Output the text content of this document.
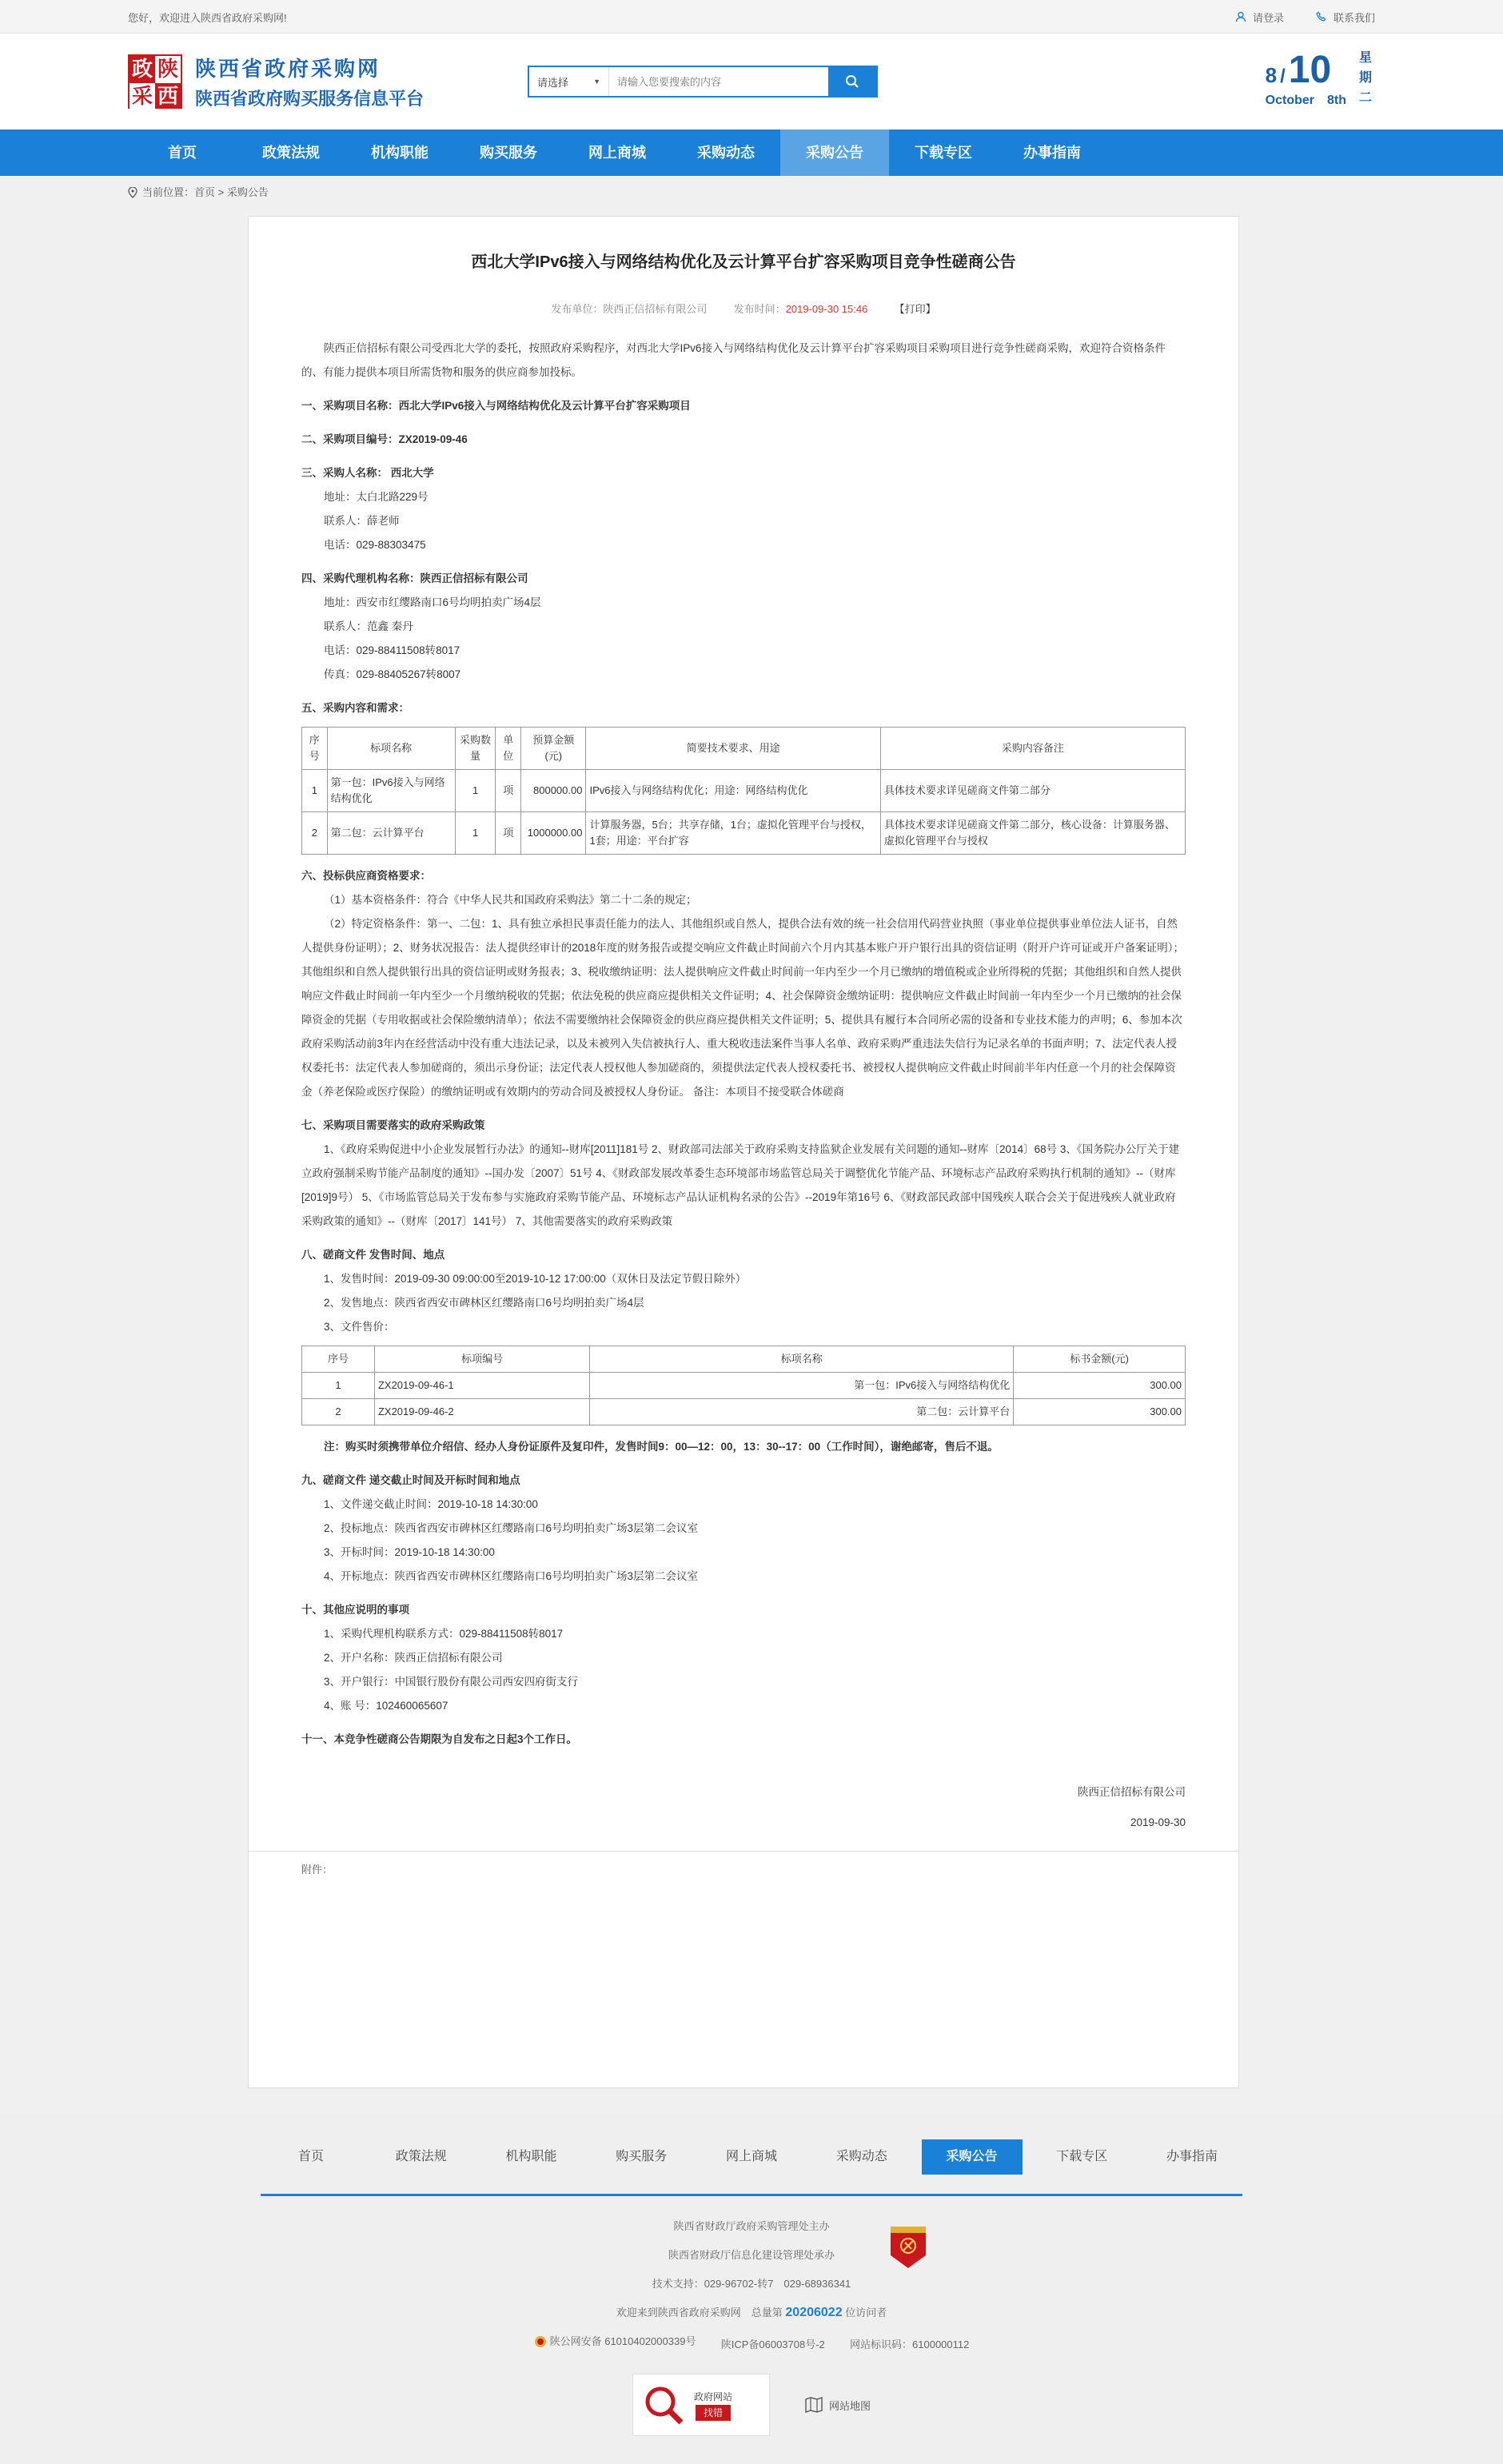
您好，欢迎进入陕西省政府采购网!	请登录	联系我们
政 陕
采 西
陕西省政府采购网
陕西省政府购买服务信息平台
请选择	▼
请输入您要搜索的内容	8 / 10
October 8th
星期二
首页	政策法规	机构职能	购买服务	网上商城	采购动态	采购公告	下载专区	办事指南
当前位置：首页 > 采购公告
西北大学IPv6接入与网络结构优化及云计算平台扩容采购项目竞争性磋商公告
发布单位：陕西正信招标有限公司	发布时间：2019-09-30 15:46	【打印】

陕西正信招标有限公司受西北大学的委托，按照政府采购程序，对西北大学IPv6接入与网络结构优化及云计算平台扩容采购项目采购项目进行竞争性磋商采购，欢迎符合资格条件的、有能力提供本项目所需货物和服务的供应商参加投标。

一、采购项目名称：西北大学IPv6接入与网络结构优化及云计算平台扩容采购项目

二、采购项目编号：ZX2019-09-46

三、采购人名称： 西北大学

地址：太白北路229号

联系人：薛老师

电话：029-88303475

四、采购代理机构名称：陕西正信招标有限公司

地址：西安市红缨路南口6号均明拍卖广场4层

联系人：范鑫 秦丹

电话：029-88411508转8017

传真：029-88405267转8007

五、采购内容和需求：

序号	标项名称	采购数量	单位	预算金额(元)	简要技术要求、用途	采购内容备注
1	第一包：IPv6接入与网络结构优化	1	项	800000.00	IPv6接入与网络结构优化；用途：网络结构优化	具体技术要求详见磋商文件第二部分
2	第二包：云计算平台	1	项	1000000.00	计算服务器，5台；共享存储，1台；虚拟化管理平台与授权，1套；用途：平台扩容	具体技术要求详见磋商文件第二部分，核心设备：计算服务器、虚拟化管理平台与授权

六、投标供应商资格要求：

（1）基本资格条件：符合《中华人民共和国政府采购法》第二十二条的规定；

（2）特定资格条件：第一、二包：1、具有独立承担民事责任能力的法人、其他组织或自然人，提供合法有效的统一社会信用代码营业执照（事业单位提供事业单位法人证书，自然人提供身份证明）；2、财务状况报告：法人提供经审计的2018年度的财务报告或提交响应文件截止时间前六个月内其基本账户开户银行出具的资信证明（附开户许可证或开户备案证明）；其他组织和自然人提供银行出具的资信证明或财务报表；3、税收缴纳证明：法人提供响应文件截止时间前一年内至少一个月已缴纳的增值税或企业所得税的凭据；其他组织和自然人提供响应文件截止时间前一年内至少一个月缴纳税收的凭据；依法免税的供应商应提供相关文件证明；4、社会保障资金缴纳证明：提供响应文件截止时间前一年内至少一个月已缴纳的社会保障资金的凭据（专用收据或社会保险缴纳清单）；依法不需要缴纳社会保障资金的供应商应提供相关文件证明；5、提供具有履行本合同所必需的设备和专业技术能力的声明；6、参加本次政府采购活动前3年内在经营活动中没有重大违法记录，以及未被列入失信被执行人、重大税收违法案件当事人名单、政府采购严重违法失信行为记录名单的书面声明；7、法定代表人授权委托书：法定代表人参加磋商的，须出示身份证；法定代表人授权他人参加磋商的，须提供法定代表人授权委托书、被授权人提供响应文件截止时间前半年内任意一个月的社会保障资金（养老保险或医疗保险）的缴纳证明或有效期内的劳动合同及被授权人身份证。 备注：本项目不接受联合体磋商

七、采购项目需要落实的政府采购政策

1、《政府采购促进中小企业发展暂行办法》的通知--财库[2011]181号 2、财政部司法部关于政府采购支持监狱企业发展有关问题的通知--财库〔2014〕68号 3、《国务院办公厅关于建立政府强制采购节能产品制度的通知》--国办发〔2007〕51号 4、《财政部发展改革委生态环境部市场监管总局关于调整优化节能产品、环境标志产品政府采购执行机制的通知》--（财库[2019]9号） 5、《市场监管总局关于发布参与实施政府采购节能产品、环境标志产品认证机构名录的公告》--2019年第16号 6、《财政部民政部中国残疾人联合会关于促进残疾人就业政府采购政策的通知》--（财库〔2017〕141号） 7、其他需要落实的政府采购政策

八、磋商文件 发售时间、地点

1、发售时间：2019-09-30 09:00:00至2019-10-12 17:00:00（双休日及法定节假日除外）

2、发售地点：陕西省西安市碑林区红缨路南口6号均明拍卖广场4层

3、文件售价：

序号	标项编号	标项名称	标书金额(元)
1	ZX2019-09-46-1	第一包：IPv6接入与网络结构优化	300.00
2	ZX2019-09-46-2	第二包：云计算平台	300.00

注：购买时须携带单位介绍信、经办人身份证原件及复印件，发售时间9：00—12：00，13：30--17：00（工作时间），谢绝邮寄，售后不退。

九、磋商文件 递交截止时间及开标时间和地点

1、文件递交截止时间：2019-10-18 14:30:00

2、投标地点：陕西省西安市碑林区红缨路南口6号均明拍卖广场3层第二会议室

3、开标时间：2019-10-18 14:30:00

4、开标地点：陕西省西安市碑林区红缨路南口6号均明拍卖广场3层第二会议室

十、其他应说明的事项

1、采购代理机构联系方式：029-88411508转8017

2、开户名称：陕西正信招标有限公司

3、开户银行：中国银行股份有限公司西安四府街支行

4、账 号：102460065607

十一、本竞争性磋商公告期限为自发布之日起3个工作日。

陕西正信招标有限公司

2019-09-30

附件：
首页	政策法规	机构职能	购买服务	网上商城	采购动态	采购公告	下载专区	办事指南
陕西省财政厅政府采购管理处主办
陕西省财政厅信息化建设管理处承办
技术支持：029-96702-转7　029-68936341
欢迎来到陕西省政府采购网　总量第 20206022 位访问者
陕公网安备 61010402000339号 陕ICP备06003708号-2 网站标识码：6100000112
政府网站
找错
网站地图
